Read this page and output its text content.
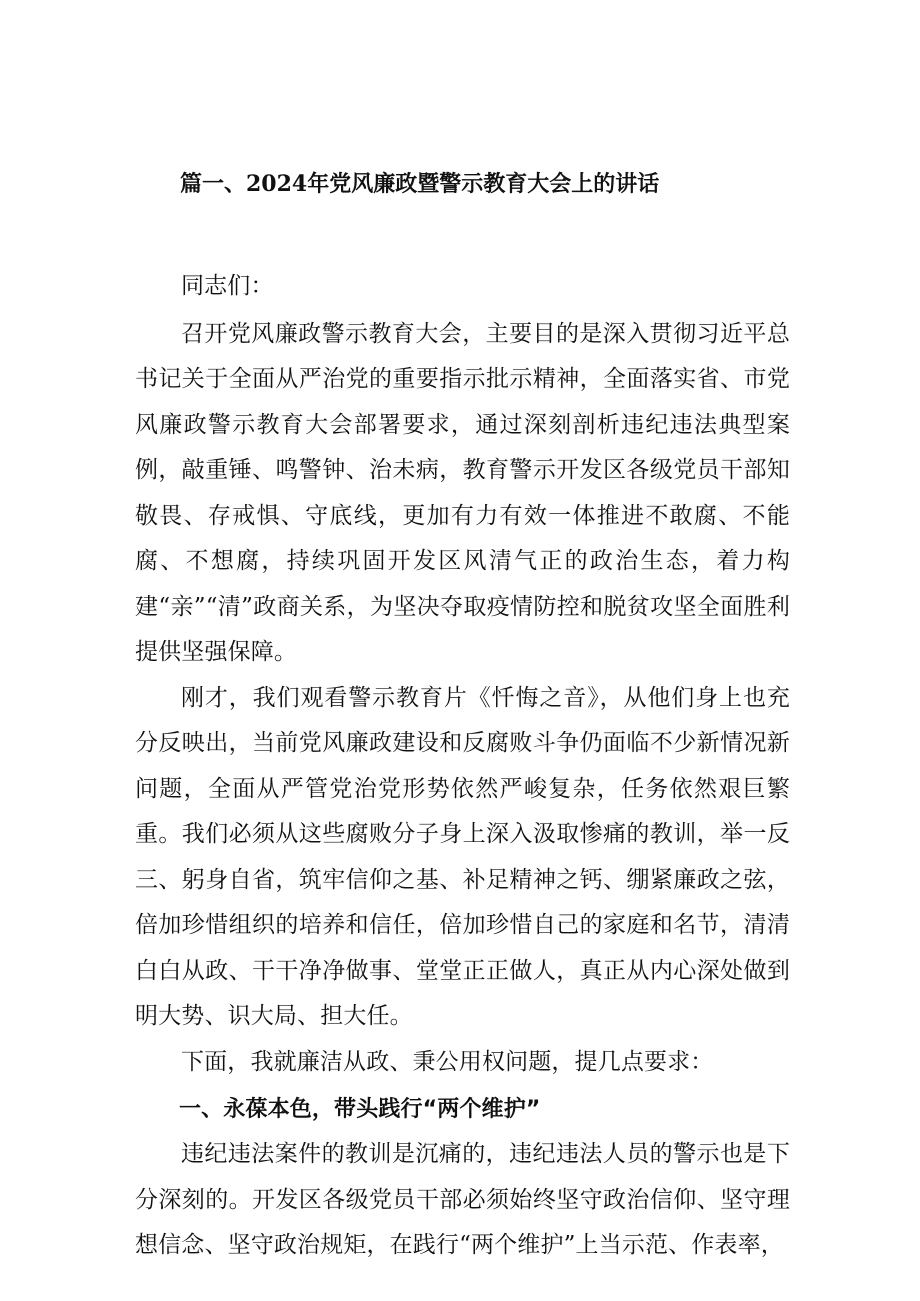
篇一、2024年党风廉政暨警示教育大会上的讲话

同志们：

召开党风廉政警示教育大会，主要目的是深入贯彻习近平总书记关于全面从严治党的重要指示批示精神，全面落实省、市党风廉政警示教育大会部署要求，通过深刻剖析违纪违法典型案例，敲重锤、鸣警钟、治未病，教育警示开发区各级党员干部知敬畏、存戒惧、守底线，更加有力有效一体推进不敢腐、不能腐、不想腐，持续巩固开发区风清气正的政治生态，着力构建“亲”“清”政商关系，为坚决夺取疫情防控和脱贫攻坚全面胜利提供坚强保障。

刚才，我们观看警示教育片《忏悔之音》，从他们身上也充分反映出，当前党风廉政建设和反腐败斗争仍面临不少新情况新问题，全面从严管党治党形势依然严峻复杂，任务依然艰巨繁重。我们必须从这些腐败分子身上深入汲取惨痛的教训，举一反三、躬身自省，筑牢信仰之基、补足精神之钙、绷紧廉政之弦，倍加珍惜组织的培养和信任，倍加珍惜自己的家庭和名节，清清白白从政、干干净净做事、堂堂正正做人，真正从内心深处做到明大势、识大局、担大任。

下面，我就廉洁从政、秉公用权问题，提几点要求：

一、永葆本色，带头践行“两个维护”

违纪违法案件的教训是沉痛的，违纪违法人员的警示也是下分深刻的。开发区各级党员干部必须始终坚守政治信仰、坚守理想信念、坚守政治规矩，在践行“两个维护”上当示范、作表率，
